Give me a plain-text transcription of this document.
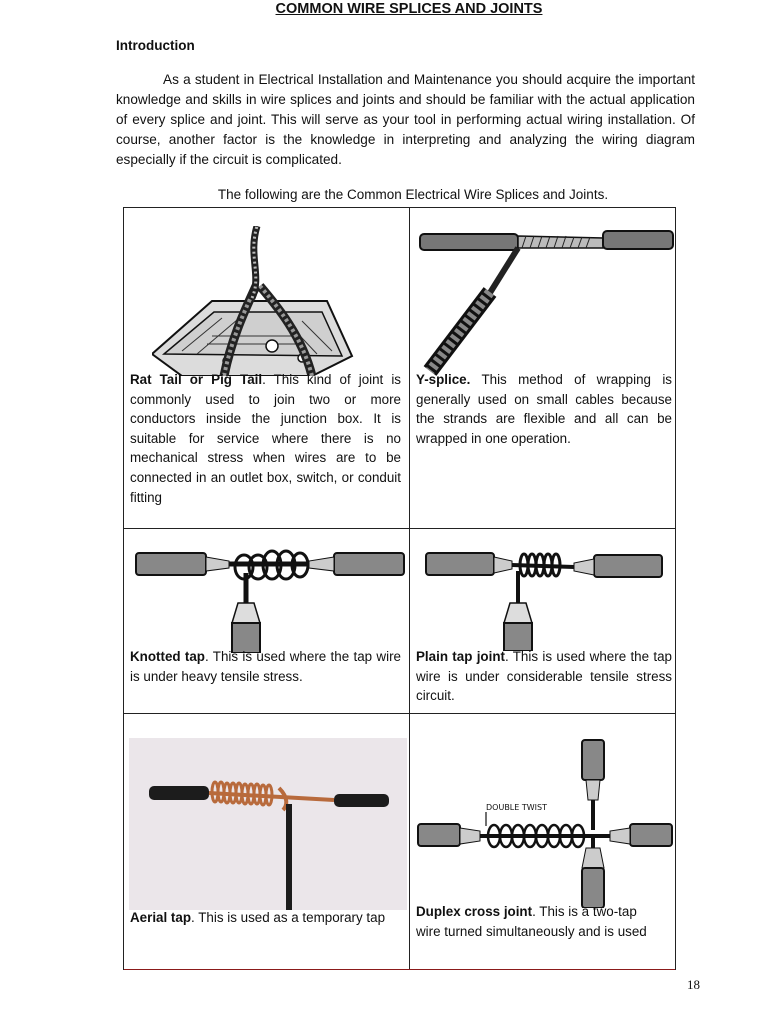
COMMON WIRE SPLICES AND JOINTS
Introduction

As a student in Electrical Installation and Maintenance you should acquire the important knowledge and skills in wire splices and joints and should be familiar with the actual application of every splice and joint. This will serve as your tool in performing actual wiring installation. Of course, another factor is the knowledge in interpreting and analyzing the wiring diagram especially if the circuit is complicated.

The following are the Common Electrical Wire Splices and Joints.

Rat Tail or Pig Tail. This kind of joint is commonly used to join two or more conductors inside the junction box. It is suitable for service where there is no mechanical stress when wires are to be connected in an outlet box, switch, or conduit fitting

Y-splice. This method of wrapping is generally used on small cables because the strands are flexible and all can be wrapped in one operation.

Knotted tap. This is used where the tap wire is under heavy tensile stress.

Plain tap joint. This is used where the tap wire is under considerable tensile stress circuit.

Aerial tap. This is used as a temporary tap

DOUBLE TWIST

Duplex cross joint. This is a two-tap wire turned simultaneously and is used

18
